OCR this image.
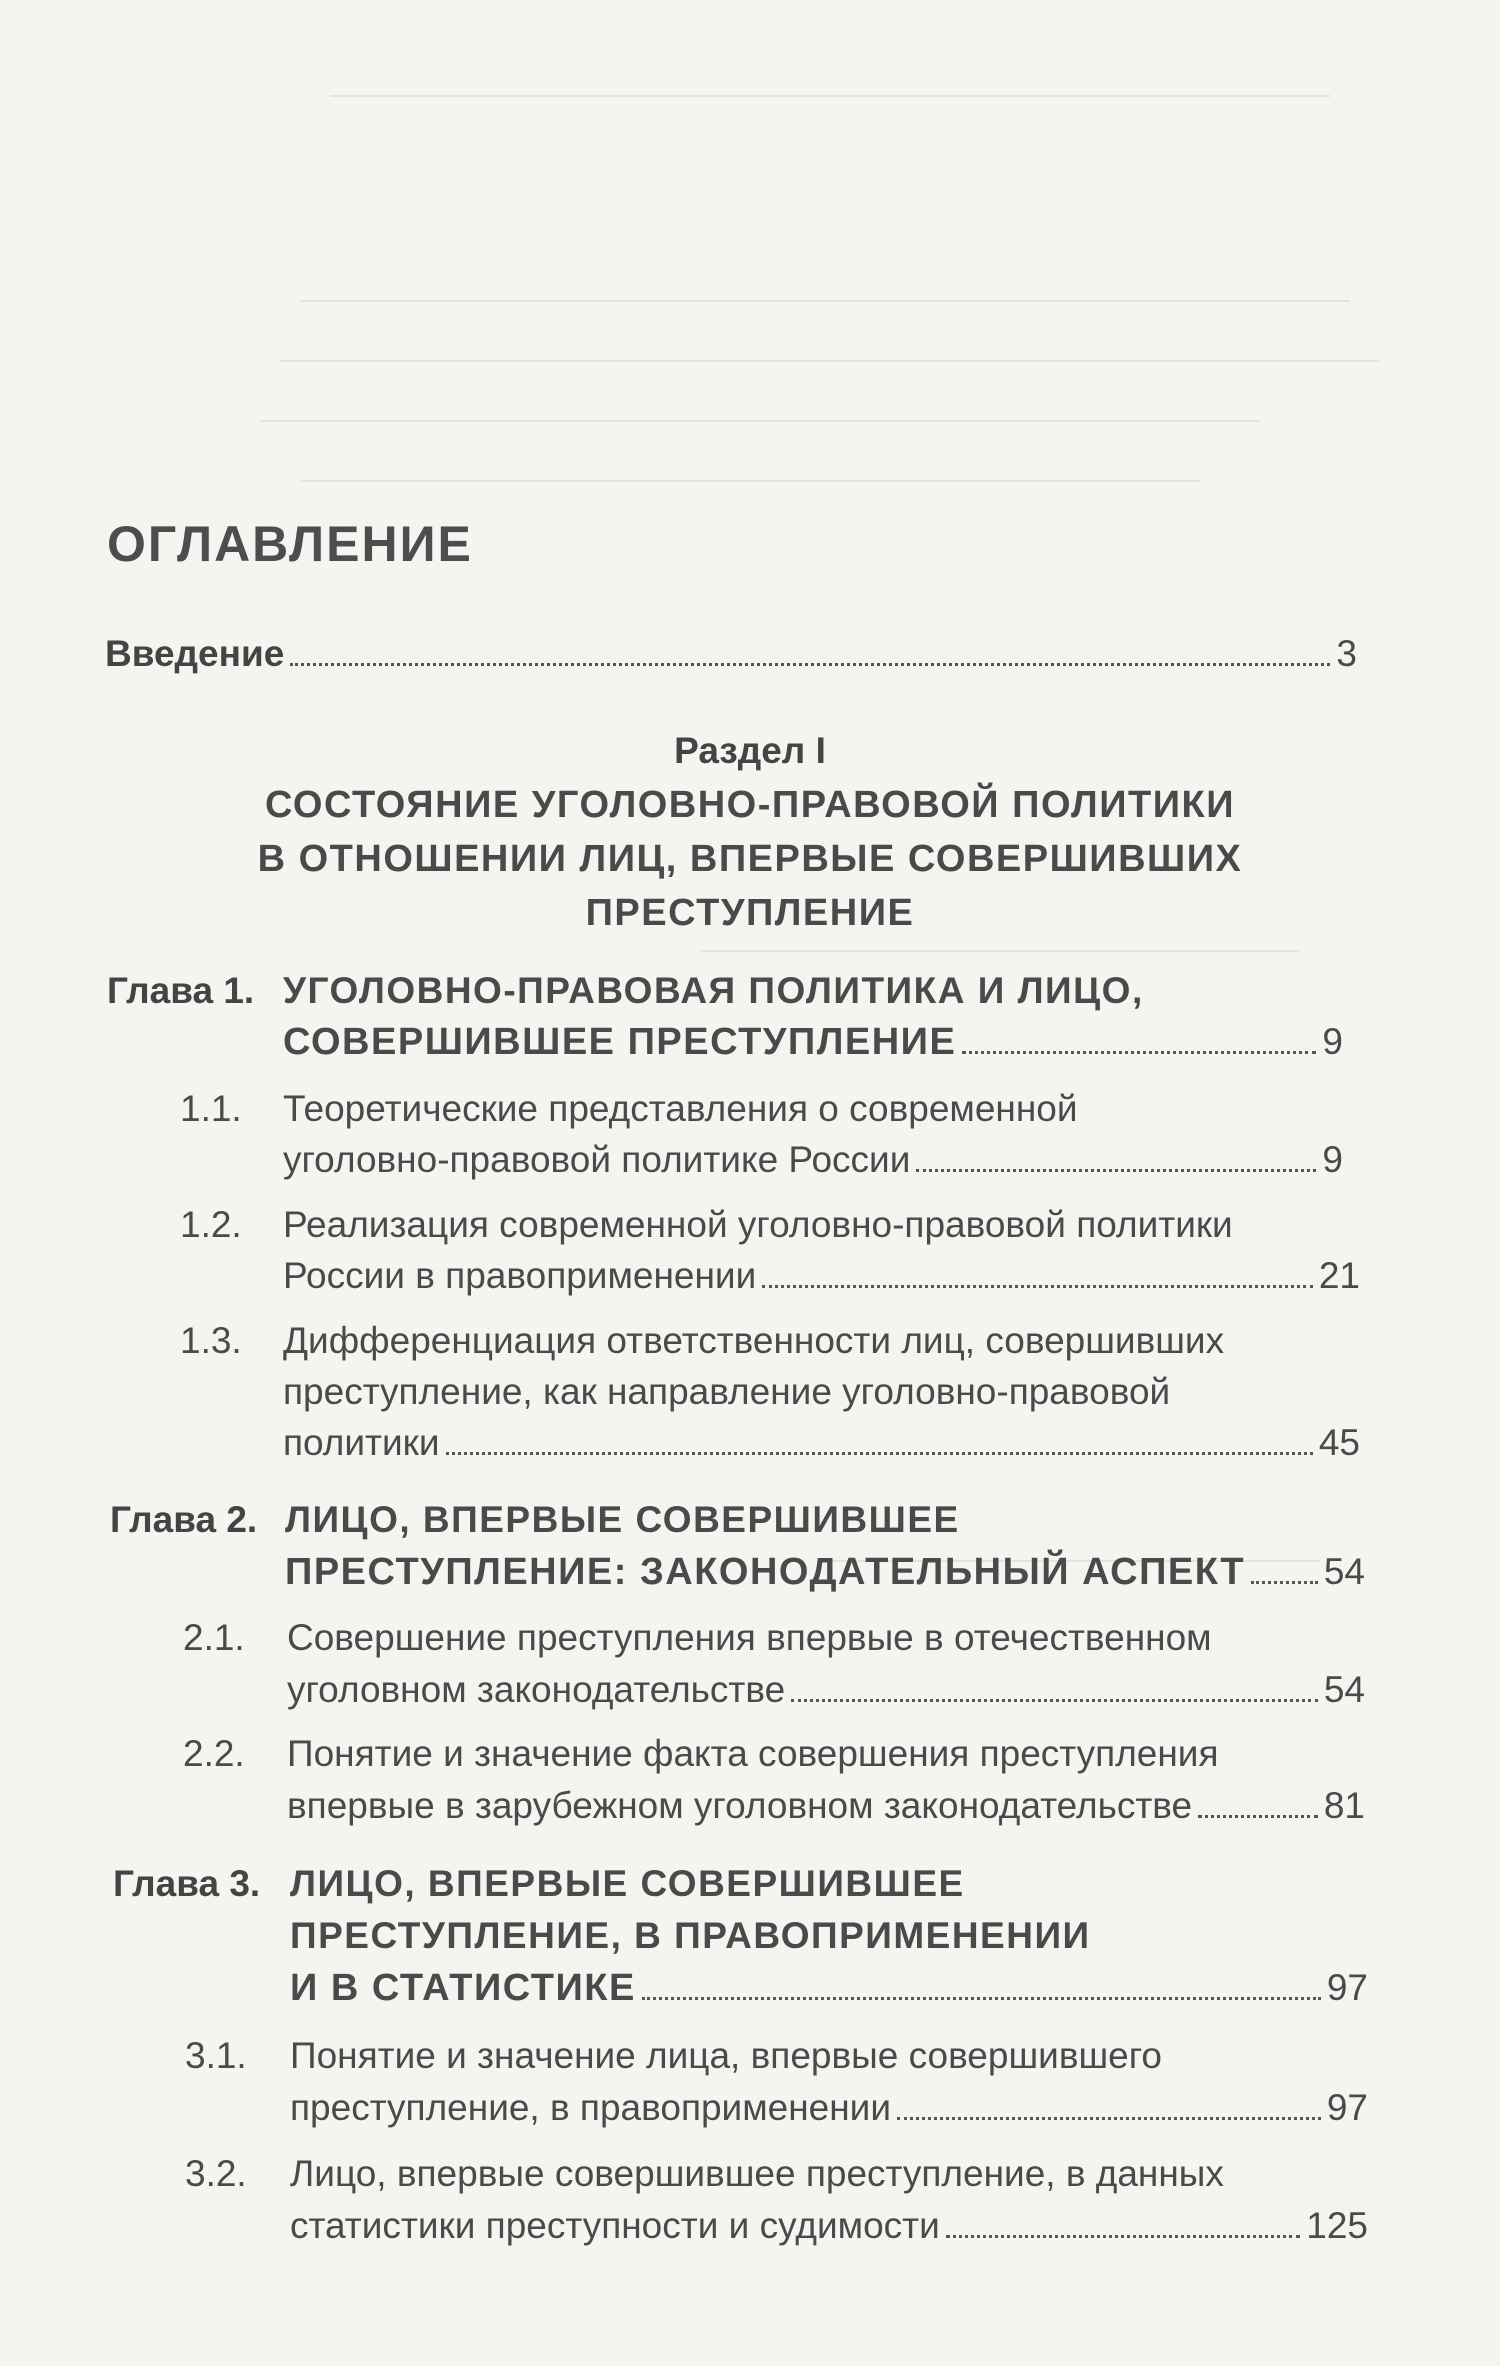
ОГЛАВЛЕНИЕ
Введение	3
Раздел I
СОСТОЯНИЕ УГОЛОВНО-ПРАВОВОЙ ПОЛИТИКИ
В ОТНОШЕНИИ ЛИЦ, ВПЕРВЫЕ СОВЕРШИВШИХ
ПРЕСТУПЛЕНИЕ
Глава 1. УГОЛОВНО-ПРАВОВАЯ ПОЛИТИКА И ЛИЦО,
СОВЕРШИВШЕЕ ПРЕСТУПЛЕНИЕ	9
1.1. Теоретические представления о современной
уголовно-правовой политике России	9
1.2. Реализация современной уголовно-правовой политики
России в правоприменении	21
1.3. Дифференциация ответственности лиц, совершивших
преступление, как направление уголовно-правовой
политики	45
Глава 2. ЛИЦО, ВПЕРВЫЕ СОВЕРШИВШЕЕ
ПРЕСТУПЛЕНИЕ: ЗАКОНОДАТЕЛЬНЫЙ АСПЕКТ 54
2.1. Совершение преступления впервые в отечественном
уголовном законодательстве	54
2.2. Понятие и значение факта совершения преступления
впервые в зарубежном уголовном законодательстве	81
Глава 3. ЛИЦО, ВПЕРВЫЕ СОВЕРШИВШЕЕ
ПРЕСТУПЛЕНИЕ, В ПРАВОПРИМЕНЕНИИ
И В СТАТИСТИКЕ	97
3.1. Понятие и значение лица, впервые совершившего
преступление, в правоприменении	97
3.2. Лицо, впервые совершившее преступление, в данных
статистики преступности и судимости	125
